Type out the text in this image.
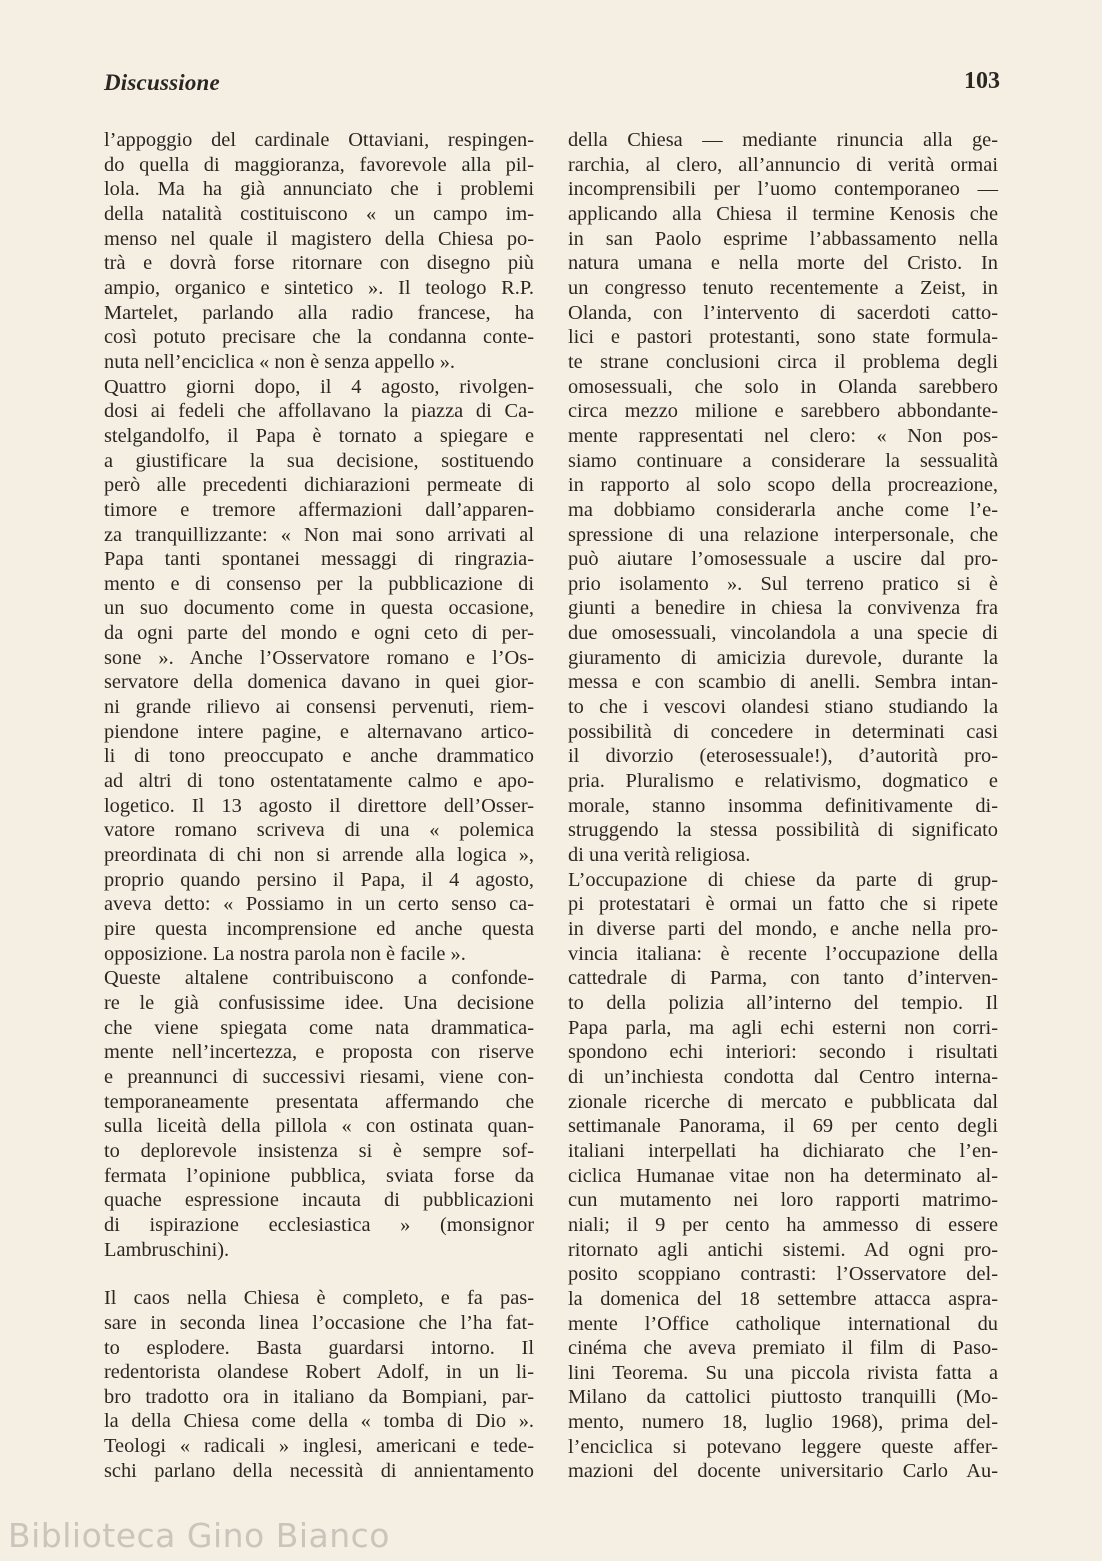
Discussione	103

l’appoggio del cardinale Ottaviani, respingen-

do quella di maggioranza, favorevole alla pil-

lola. Ma ha già annunciato che i problemi

della natalità costituiscono « un campo im-

menso nel quale il magistero della Chiesa po-

trà e dovrà forse ritornare con disegno più

ampio, organico e sintetico ». Il teologo R.P.

Martelet, parlando alla radio francese, ha

così potuto precisare che la condanna conte-

nuta nell’enciclica « non è senza appello ».

Quattro giorni dopo, il 4 agosto, rivolgen-

dosi ai fedeli che affollavano la piazza di Ca-

stelgandolfo, il Papa è tornato a spiegare e

a giustificare la sua decisione, sostituendo

però alle precedenti dichiarazioni permeate di

timore e tremore affermazioni dall’apparen-

za tranquillizzante: « Non mai sono arrivati al

Papa tanti spontanei messaggi di ringrazia-

mento e di consenso per la pubblicazione di

un suo documento come in questa occasione,

da ogni parte del mondo e ogni ceto di per-

sone ». Anche l’Osservatore romano e l’Os-

servatore della domenica davano in quei gior-

ni grande rilievo ai consensi pervenuti, riem-

piendone intere pagine, e alternavano artico-

li di tono preoccupato e anche drammatico

ad altri di tono ostentatamente calmo e apo-

logetico. Il 13 agosto il direttore dell’Osser-

vatore romano scriveva di una « polemica

preordinata di chi non si arrende alla logica »,

proprio quando persino il Papa, il 4 agosto,

aveva detto: « Possiamo in un certo senso ca-

pire questa incomprensione ed anche questa

opposizione. La nostra parola non è facile ».

Queste altalene contribuiscono a confonde-

re le già confusissime idee. Una decisione

che viene spiegata come nata drammatica-

mente nell’incertezza, e proposta con riserve

e preannunci di successivi riesami, viene con-

temporaneamente presentata affermando che

sulla liceità della pillola « con ostinata quan-

to deplorevole insistenza si è sempre sof-

fermata l’opinione pubblica, sviata forse da

quache espressione incauta di pubblicazioni

di ispirazione ecclesiastica » (monsignor

Lambruschini).

Il caos nella Chiesa è completo, e fa pas-

sare in seconda linea l’occasione che l’ha fat-

to esplodere. Basta guardarsi intorno. Il

redentorista olandese Robert Adolf, in un li-

bro tradotto ora in italiano da Bompiani, par-

la della Chiesa come della « tomba di Dio ».

Teologi « radicali » inglesi, americani e tede-

schi parlano della necessità di annientamento

della Chiesa — mediante rinuncia alla ge-

rarchia, al clero, all’annuncio di verità ormai

incomprensibili per l’uomo contemporaneo —

applicando alla Chiesa il termine Kenosis che

in san Paolo esprime l’abbassamento nella

natura umana e nella morte del Cristo. In

un congresso tenuto recentemente a Zeist, in

Olanda, con l’intervento di sacerdoti catto-

lici e pastori protestanti, sono state formula-

te strane conclusioni circa il problema degli

omosessuali, che solo in Olanda sarebbero

circa mezzo milione e sarebbero abbondante-

mente rappresentati nel clero: « Non pos-

siamo continuare a considerare la sessualità

in rapporto al solo scopo della procreazione,

ma dobbiamo considerarla anche come l’e-

spressione di una relazione interpersonale, che

può aiutare l’omosessuale a uscire dal pro-

prio isolamento ». Sul terreno pratico si è

giunti a benedire in chiesa la convivenza fra

due omosessuali, vincolandola a una specie di

giuramento di amicizia durevole, durante la

messa e con scambio di anelli. Sembra intan-

to che i vescovi olandesi stiano studiando la

possibilità di concedere in determinati casi

il divorzio (eterosessuale!), d’autorità pro-

pria. Pluralismo e relativismo, dogmatico e

morale, stanno insomma definitivamente di-

struggendo la stessa possibilità di significato

di una verità religiosa.

L’occupazione di chiese da parte di grup-

pi protestatari è ormai un fatto che si ripete

in diverse parti del mondo, e anche nella pro-

vincia italiana: è recente l’occupazione della

cattedrale di Parma, con tanto d’interven-

to della polizia all’interno del tempio. Il

Papa parla, ma agli echi esterni non corri-

spondono echi interiori: secondo i risultati

di un’inchiesta condotta dal Centro interna-

zionale ricerche di mercato e pubblicata dal

settimanale Panorama, il 69 per cento degli

italiani interpellati ha dichiarato che l’en-

ciclica Humanae vitae non ha determinato al-

cun mutamento nei loro rapporti matrimo-

niali; il 9 per cento ha ammesso di essere

ritornato agli antichi sistemi. Ad ogni pro-

posito scoppiano contrasti: l’Osservatore del-

la domenica del 18 settembre attacca aspra-

mente l’Office catholique international du

cinéma che aveva premiato il film di Paso-

lini Teorema. Su una piccola rivista fatta a

Milano da cattolici piuttosto tranquilli (Mo-

mento, numero 18, luglio 1968), prima del-

l’enciclica si potevano leggere queste affer-

mazioni del docente universitario Carlo Au-

Biblioteca Gino Bianco
